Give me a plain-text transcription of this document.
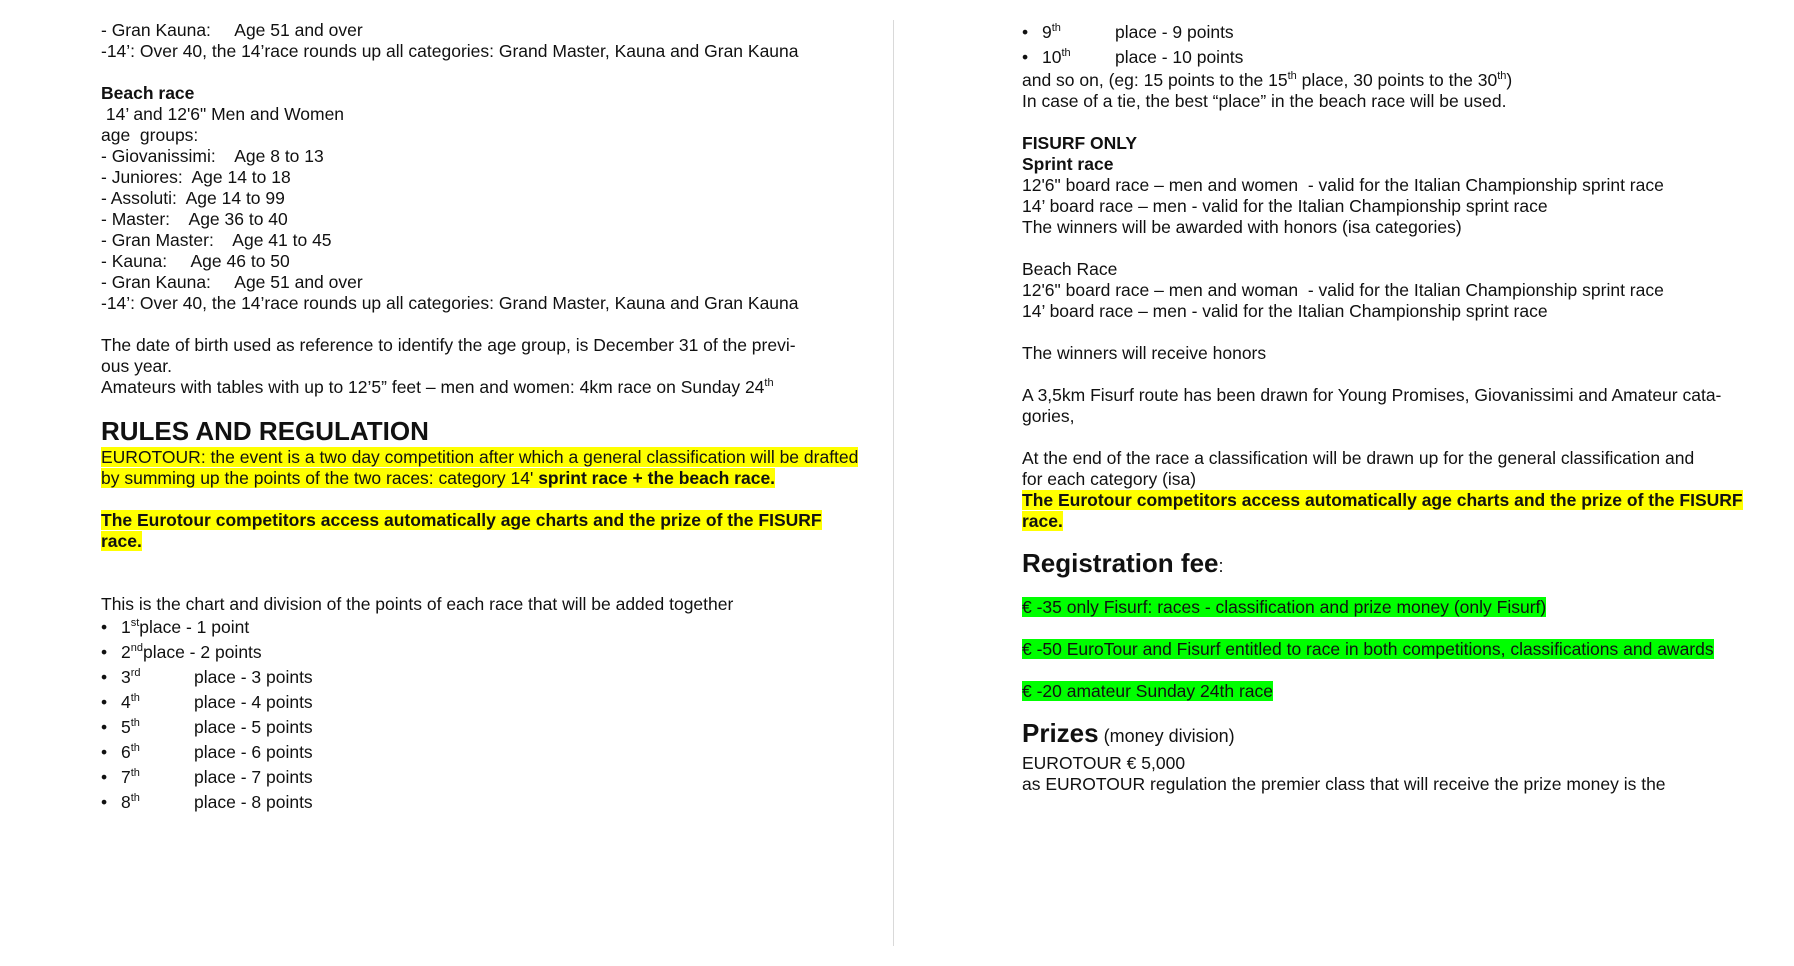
- Gran Kauna:     Age 51 and over
-14’: Over 40, the 14’race rounds up all categories: Grand Master, Kauna and Gran Kauna
Beach race
14’ and 12'6" Men and Women
age  groups:
- Giovanissimi:    Age 8 to 13
- Juniores:  Age 14 to 18
- Assoluti:  Age 14 to 99
- Master:    Age 36 to 40
- Gran Master:    Age 41 to 45
- Kauna:     Age 46 to 50
- Gran Kauna:     Age 51 and over
-14’: Over 40, the 14’race rounds up all categories: Grand Master, Kauna and Gran Kauna
The date of birth used as reference to identify the age group, is December 31 of the previ-
ous year.
Amateurs with tables with up to 12’5” feet – men and women: 4km race on Sunday 24th
RULES AND REGULATION
EUROTOUR: the event is a two day competition after which a general classification will be drafted by summing up the points of the two races: category 14' sprint race + the beach race.
The Eurotour competitors access automatically age charts and the prize of the FISURF race.
This is the chart and division of the points of each race that will be added together
• 1st place - 1 point
• 2nd place - 2 points
• 3rd	place - 3 points
• 4th	place - 4 points
• 5th	place - 5 points
• 6th	place - 6 points
• 7th	place - 7 points
• 8th	place - 8 points
• 9th	place - 9 points
• 10th	place - 10 points
and so on, (eg: 15 points to the 15th place, 30 points to the 30th)
In case of a tie, the best “place” in the beach race will be used.
FISURF ONLY
Sprint race
12'6" board race – men and women  - valid for the Italian Championship sprint race
14’ board race – men - valid for the Italian Championship sprint race
The winners will be awarded with honors (isa categories)
Beach Race
12'6" board race – men and woman  - valid for the Italian Championship sprint race
14’ board race – men - valid for the Italian Championship sprint race
The winners will receive honors
A 3,5km Fisurf route has been drawn for Young Promises, Giovanissimi and Amateur cata-
gories,
At the end of the race a classification will be drawn up for the general classification and
for each category (isa)
The Eurotour competitors access automatically age charts and the prize of the FISURF race.
Registration fee:
€ -35 only Fisurf: races - classification and prize money (only Fisurf)
€ -50 EuroTour and Fisurf entitled to race in both competitions, classifications and awards
€ -20 amateur Sunday 24th race
Prizes (money division)
EUROTOUR € 5,000
as EUROTOUR regulation the premier class that will receive the prize money is the
